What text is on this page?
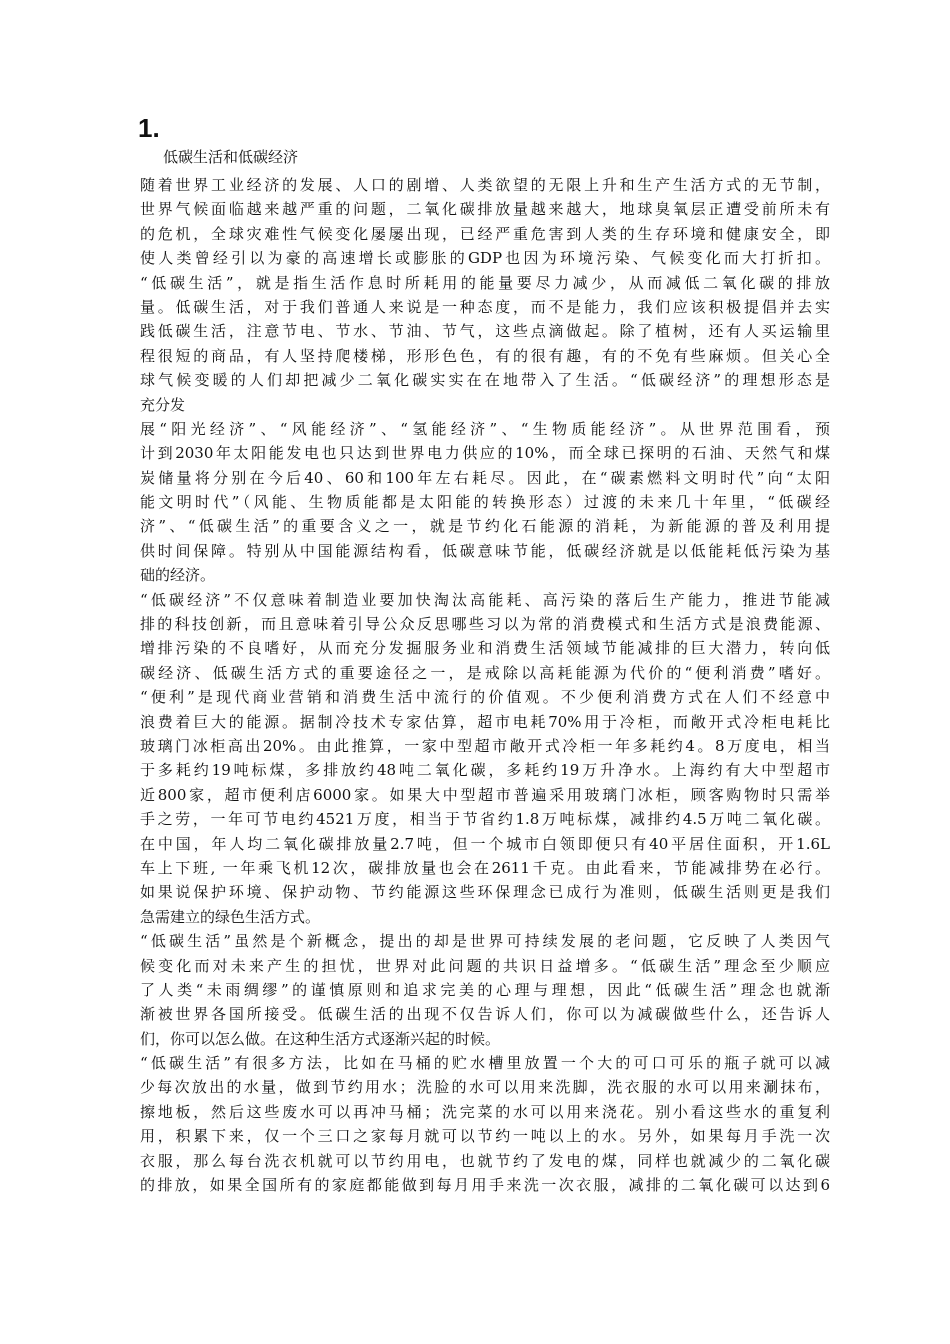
1.

低碳生活和低碳经济

随着世界工业经济的发展、人口的剧增、人类欲望的无限上升和生产生活方式的无节制，
世界气候面临越来越严重的问题，二氧化碳排放量越来越大，地球臭氧层正遭受前所未有
的危机，全球灾难性气候变化屡屡出现，已经严重危害到人类的生存环境和健康安全，即
使人类曾经引以为豪的高速增长或膨胀的GDP也因为环境污染、气候变化而大打折扣。
“低碳生活”，就是指生活作息时所耗用的能量要尽力减少，从而减低二氧化碳的排放
量。低碳生活，对于我们普通人来说是一种态度，而不是能力，我们应该积极提倡并去实
践低碳生活，注意节电、节水、节油、节气，这些点滴做起。除了植树，还有人买运输里
程很短的商品，有人坚持爬楼梯，形形色色，有的很有趣，有的不免有些麻烦。但关心全
球气候变暖的人们却把减少二氧化碳实实在在地带入了生活。“低碳经济”的理想形态是
充分发
展“阳光经济”、“风能经济”、“氢能经济”、“生物质能经济”。从世界范围看，预
计到2030年太阳能发电也只达到世界电力供应的10%，而全球已探明的石油、天然气和煤
炭储量将分别在今后40、60和100年左右耗尽。因此，在“碳素燃料文明时代”向“太阳
能文明时代”（风能、生物质能都是太阳能的转换形态）过渡的未来几十年里，“低碳经
济”、“低碳生活”的重要含义之一，就是节约化石能源的消耗，为新能源的普及利用提
供时间保障。特别从中国能源结构看，低碳意味节能，低碳经济就是以低能耗低污染为基
础的经济。
“低碳经济”不仅意味着制造业要加快淘汰高能耗、高污染的落后生产能力，推进节能减
排的科技创新，而且意味着引导公众反思哪些习以为常的消费模式和生活方式是浪费能源、
增排污染的不良嗜好，从而充分发掘服务业和消费生活领域节能减排的巨大潜力，转向低
碳经济、低碳生活方式的重要途径之一，是戒除以高耗能源为代价的“便利消费”嗜好。
“便利”是现代商业营销和消费生活中流行的价值观。不少便利消费方式在人们不经意中
浪费着巨大的能源。据制冷技术专家估算，超市电耗70%用于冷柜，而敞开式冷柜电耗比
玻璃门冰柜高出20%。由此推算，一家中型超市敞开式冷柜一年多耗约4。8万度电，相当
于多耗约19吨标煤，多排放约48吨二氧化碳，多耗约19万升净水。上海约有大中型超市
近800家，超市便利店6000家。如果大中型超市普遍采用玻璃门冰柜，顾客购物时只需举
手之劳，一年可节电约4521万度，相当于节省约1.8万吨标煤，减排约4.5万吨二氧化碳。
在中国，年人均二氧化碳排放量2.7吨，但一个城市白领即便只有40平居住面积，开1.6L
车上下班, 一年乘飞机12次，碳排放量也会在2611千克。由此看来，节能减排势在必行。
如果说保护环境、保护动物、节约能源这些环保理念已成行为准则，低碳生活则更是我们
急需建立的绿色生活方式。
“低碳生活”虽然是个新概念，提出的却是世界可持续发展的老问题，它反映了人类因气
候变化而对未来产生的担忧，世界对此问题的共识日益增多。“低碳生活”理念至少顺应
了人类“未雨绸缪”的谨慎原则和追求完美的心理与理想，因此“低碳生活”理念也就渐
渐被世界各国所接受。低碳生活的出现不仅告诉人们，你可以为减碳做些什么，还告诉人
们，你可以怎么做。在这种生活方式逐渐兴起的时候。
“低碳生活”有很多方法，比如在马桶的贮水槽里放置一个大的可口可乐的瓶子就可以减
少每次放出的水量，做到节约用水；洗脸的水可以用来洗脚，洗衣服的水可以用来涮抹布，
擦地板，然后这些废水可以再冲马桶；洗完菜的水可以用来浇花。别小看这些水的重复利
用，积累下来，仅一个三口之家每月就可以节约一吨以上的水。另外，如果每月手洗一次
衣服，那么每台洗衣机就可以节约用电，也就节约了发电的煤，同样也就减少的二氧化碳
的排放，如果全国所有的家庭都能做到每月用手来洗一次衣服，减排的二氧化碳可以达到6
